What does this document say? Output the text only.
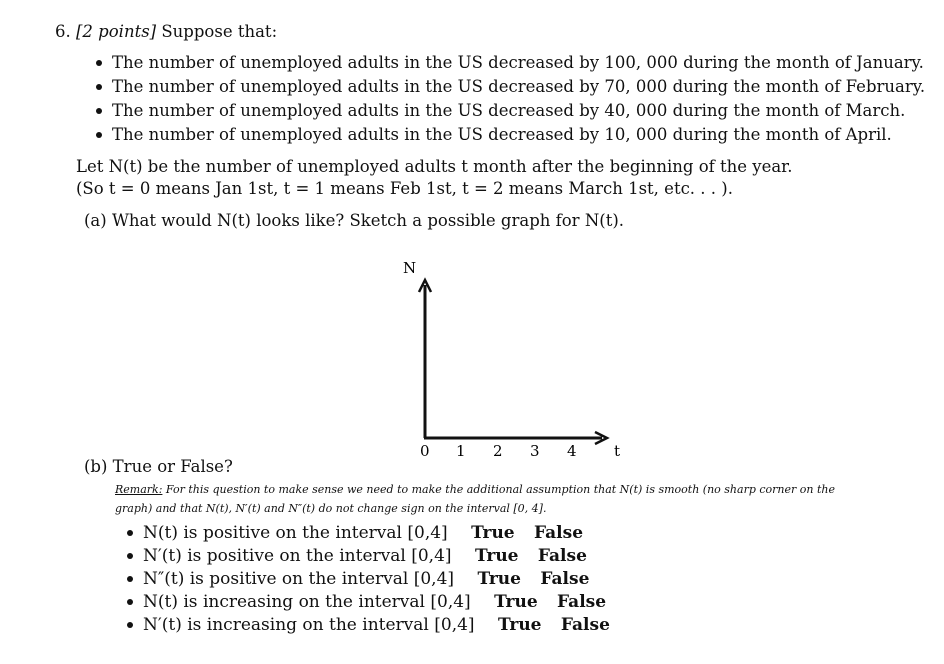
6. [2 points] Suppose that:
The number of unemployed adults in the US decreased by 100, 000 during the month of January.
The number of unemployed adults in the US decreased by 70, 000 during the month of February.
The number of unemployed adults in the US decreased by 40, 000 during the month of March.
The number of unemployed adults in the US decreased by 10, 000 during the month of April.
Let N(t) be the number of unemployed adults t month after the beginning of the year.
(So t = 0 means Jan 1st, t = 1 means Feb 1st, t = 2 means March 1st, etc. . . ).
(a) What would N(t) looks like? Sketch a possible graph for N(t).
N
t
0 1 2 3 4
(b) True or False?
Remark: For this question to make sense we need to make the additional assumption that N(t) is smooth (no sharp corner on the
graph) and that N(t), N′(t) and N″(t) do not change sign on the interval [0, 4].
N(t) is positive on the interval [0,4] True False
N′(t) is positive on the interval [0,4] True False
N″(t) is positive on the interval [0,4] True False
N(t) is increasing on the interval [0,4] True False
N′(t) is increasing on the interval [0,4] True False
